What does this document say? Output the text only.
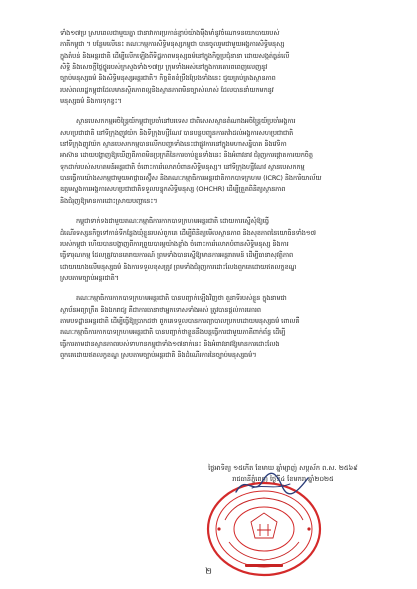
ទាំង១៧ប្រ ស្របពេលជាមួយគ្នា ជានាវាការប្រកាន់ខ្ជាប់យ៉ាងមុឹងមាំនូវចំណោទនយោបាយរបស់
ភាគីកម្ពុជា ។ បន្ថែមលើនេះ គណៈកម្មការសិទ្ធិមនុស្សកម្ពុជា បានចូលរួមជាមួយអង្គការសិទ្ធិមនុស្ស
ក្នុងតំបន់ និងអន្តរជាតិ ដើម្បីលើកឡើងពីទិដ្ឋភាពមនុស្សធម៌នៅក្នុងកិច្ចប្រជុំនានា ដោយសង្កត់ធ្ងន់លើ
សិទ្ធិ និងសេចក្ដីថ្លៃថ្នូររបស់ក្រសួងទាំង១៧ប្រ ក្រុមទាំងអស់នៅក្នុងការគោរពពេញលេញនូវ
ច្បាប់មនុស្សធម៌ និងសិទ្ធិមនុស្សអន្តរជាតិ។ កិច្ចខិតខំប្រឹងប្រែងទាំងនេះ ជួយគ្រប់គ្រងស្ថានភាព
របស់ពលរដ្ឋកម្ពុជាដែលមានស្ថិតភាពល្អនិងស្ថានភាពមិនច្បាស់លាស់ ដែលបាននាំយកមកនូវ
មនុស្សធម៌ និងការទុកខ្វះ។
ស្ថានបេសកកម្មអចិន្ត្រៃយ៍កម្ពុជាប្រចាំនៅបរទេស ជាពិសេសស្ថានតំណាងអចិន្ត្រៃយ៍ប្រចាំអង្គការ
សហប្រជាជាតិ នៅទីក្រុងញូវយ៉ក និងទីក្រុងហ្សឺណែវ បានបន្តបញ្ជូនការតវ៉ាដល់អង្គការសហប្រជាជាតិ
នៅទីក្រុងញូវយ៉ក ស្ថានបេសកកម្មបានលើកបញ្ហាទាំងនេះជាផ្លូវការនៅក្នុងមហាសន្និបាត និងវេទិកា
អាស៊ាន ដោយបង្ហាញឱ្យឃើញពីភាពមិនប្រក្រតីនៃការចាប់ខ្លួនទាំងនេះ និងអំពាវនាវ ជំរុញការផ្ដោតការយកចិត្ត
ទុកដាក់របស់សហគមន៍អន្តរជាតិ ចំពោះការរំលោភបំពានសិទ្ធិមនុស្ស។ នៅទីក្រុងហ្សឺណែវ ស្ថានបេសកកម្ម
បានធ្វើការយ៉ាងសកម្មជាមួយអាជ្ញាធរស្វ៊ីស និងគណៈកម្មាធិការអន្តរជាតិកាកបាទក្រហម (ICRC) និងការិយាល័យ
ឧត្តមស្នងការអង្គការសហប្រជាជាតិទទួលបន្ទុកសិទ្ធិមនុស្ស (OHCHR) ដើម្បីត្រួតពិនិត្យស្ថានភាព
និងជំរុញឱ្យមានការដោះស្រាយបញ្ហានេះ។
កម្ពុជាទាក់ទងជាមួយគណៈកម្មាធិការកាកបាទក្រហមអន្តរជាតិ ដោយការស្នើសុំឱ្យធ្វើ
ដំណើរទស្សនកិច្ចទៅកាន់ទីកន្លែងឃុំខ្លួនរបស់ពួកគេ ដើម្បីពិនិត្យមើលស្ថានភាព និងសុខភាពនៃយោធិនទាំង១៧
របស់កម្ពុជា ហើយបានបង្ហាញពីការព្រួយបារម្ភយ៉ាងខ្លាំង ចំពោះការរំលោភបំពានសិទ្ធិមនុស្ស និងការ
ធ្វើទារុណកម្ម ដែលត្រូវបានគេរាយការណ៍ ព្រមទាំងបានស្នើឱ្យមានការអន្តរាគមន៍ ដើម្បីធានាសុវត្ថិភាព
ដោយយោងលើមនុស្សធម៌ និងការទទួលខុសត្រូវ ព្រមទាំងជំរុញការដោះលែងពួកគេដោយឥតលក្ខខណ្ឌ
ស្របតាមច្បាប់អន្តរជាតិ។
គណៈកម្មាធិការកាកបាទក្រហមអន្តរជាតិ បានបញ្ជាក់ឡើងវិញថា តួនាទីរបស់ខ្លួន ក្នុងនាមជា
ស្ថាប័នអព្យាក្រឹត និងឯករាជ្យ គឺជាការធានាថាអ្នកទោសទាំងអស់ ត្រូវបានផ្ដល់ការគោរព
តាមបទដ្ឋានអន្តរជាតិ ដើម្បីធ្វើឱ្យប្រាកដថា ពួកគេទទួលបានការព្យាបាលប្រកបដោយមនុស្សធម៌ ពោលគឺ
គណៈកម្មាធិការកាកបាទក្រហមអន្តរជាតិ បានបញ្ជាក់ថាខ្លួននឹងបន្តធ្វើការជាមួយភាគីពាក់ព័ន្ធ ដើម្បី
ធ្វើការតាមដានស្ថានភាពរបស់ទាហានកម្ពុជាទាំង១៧នាក់នេះ និងអំពាវនាវឱ្យមានការដោះលែង
ពួកគេដោយឥតលក្ខខណ្ឌ ស្របតាមច្បាប់អន្តរជាតិ និងដំណើរការនៃច្បាប់មនុស្សធម៌។
ថ្ងៃអាទិត្យ ១៥កើត ខែមាឃ ឆ្នាំម្សាញ់ សប្ដស័ក ព.ស. ២៥៦៩
រាជធានីភ្នំពេញ ថ្ងៃទី៤ ខែមករា ឆ្នាំ២០២៥
២
